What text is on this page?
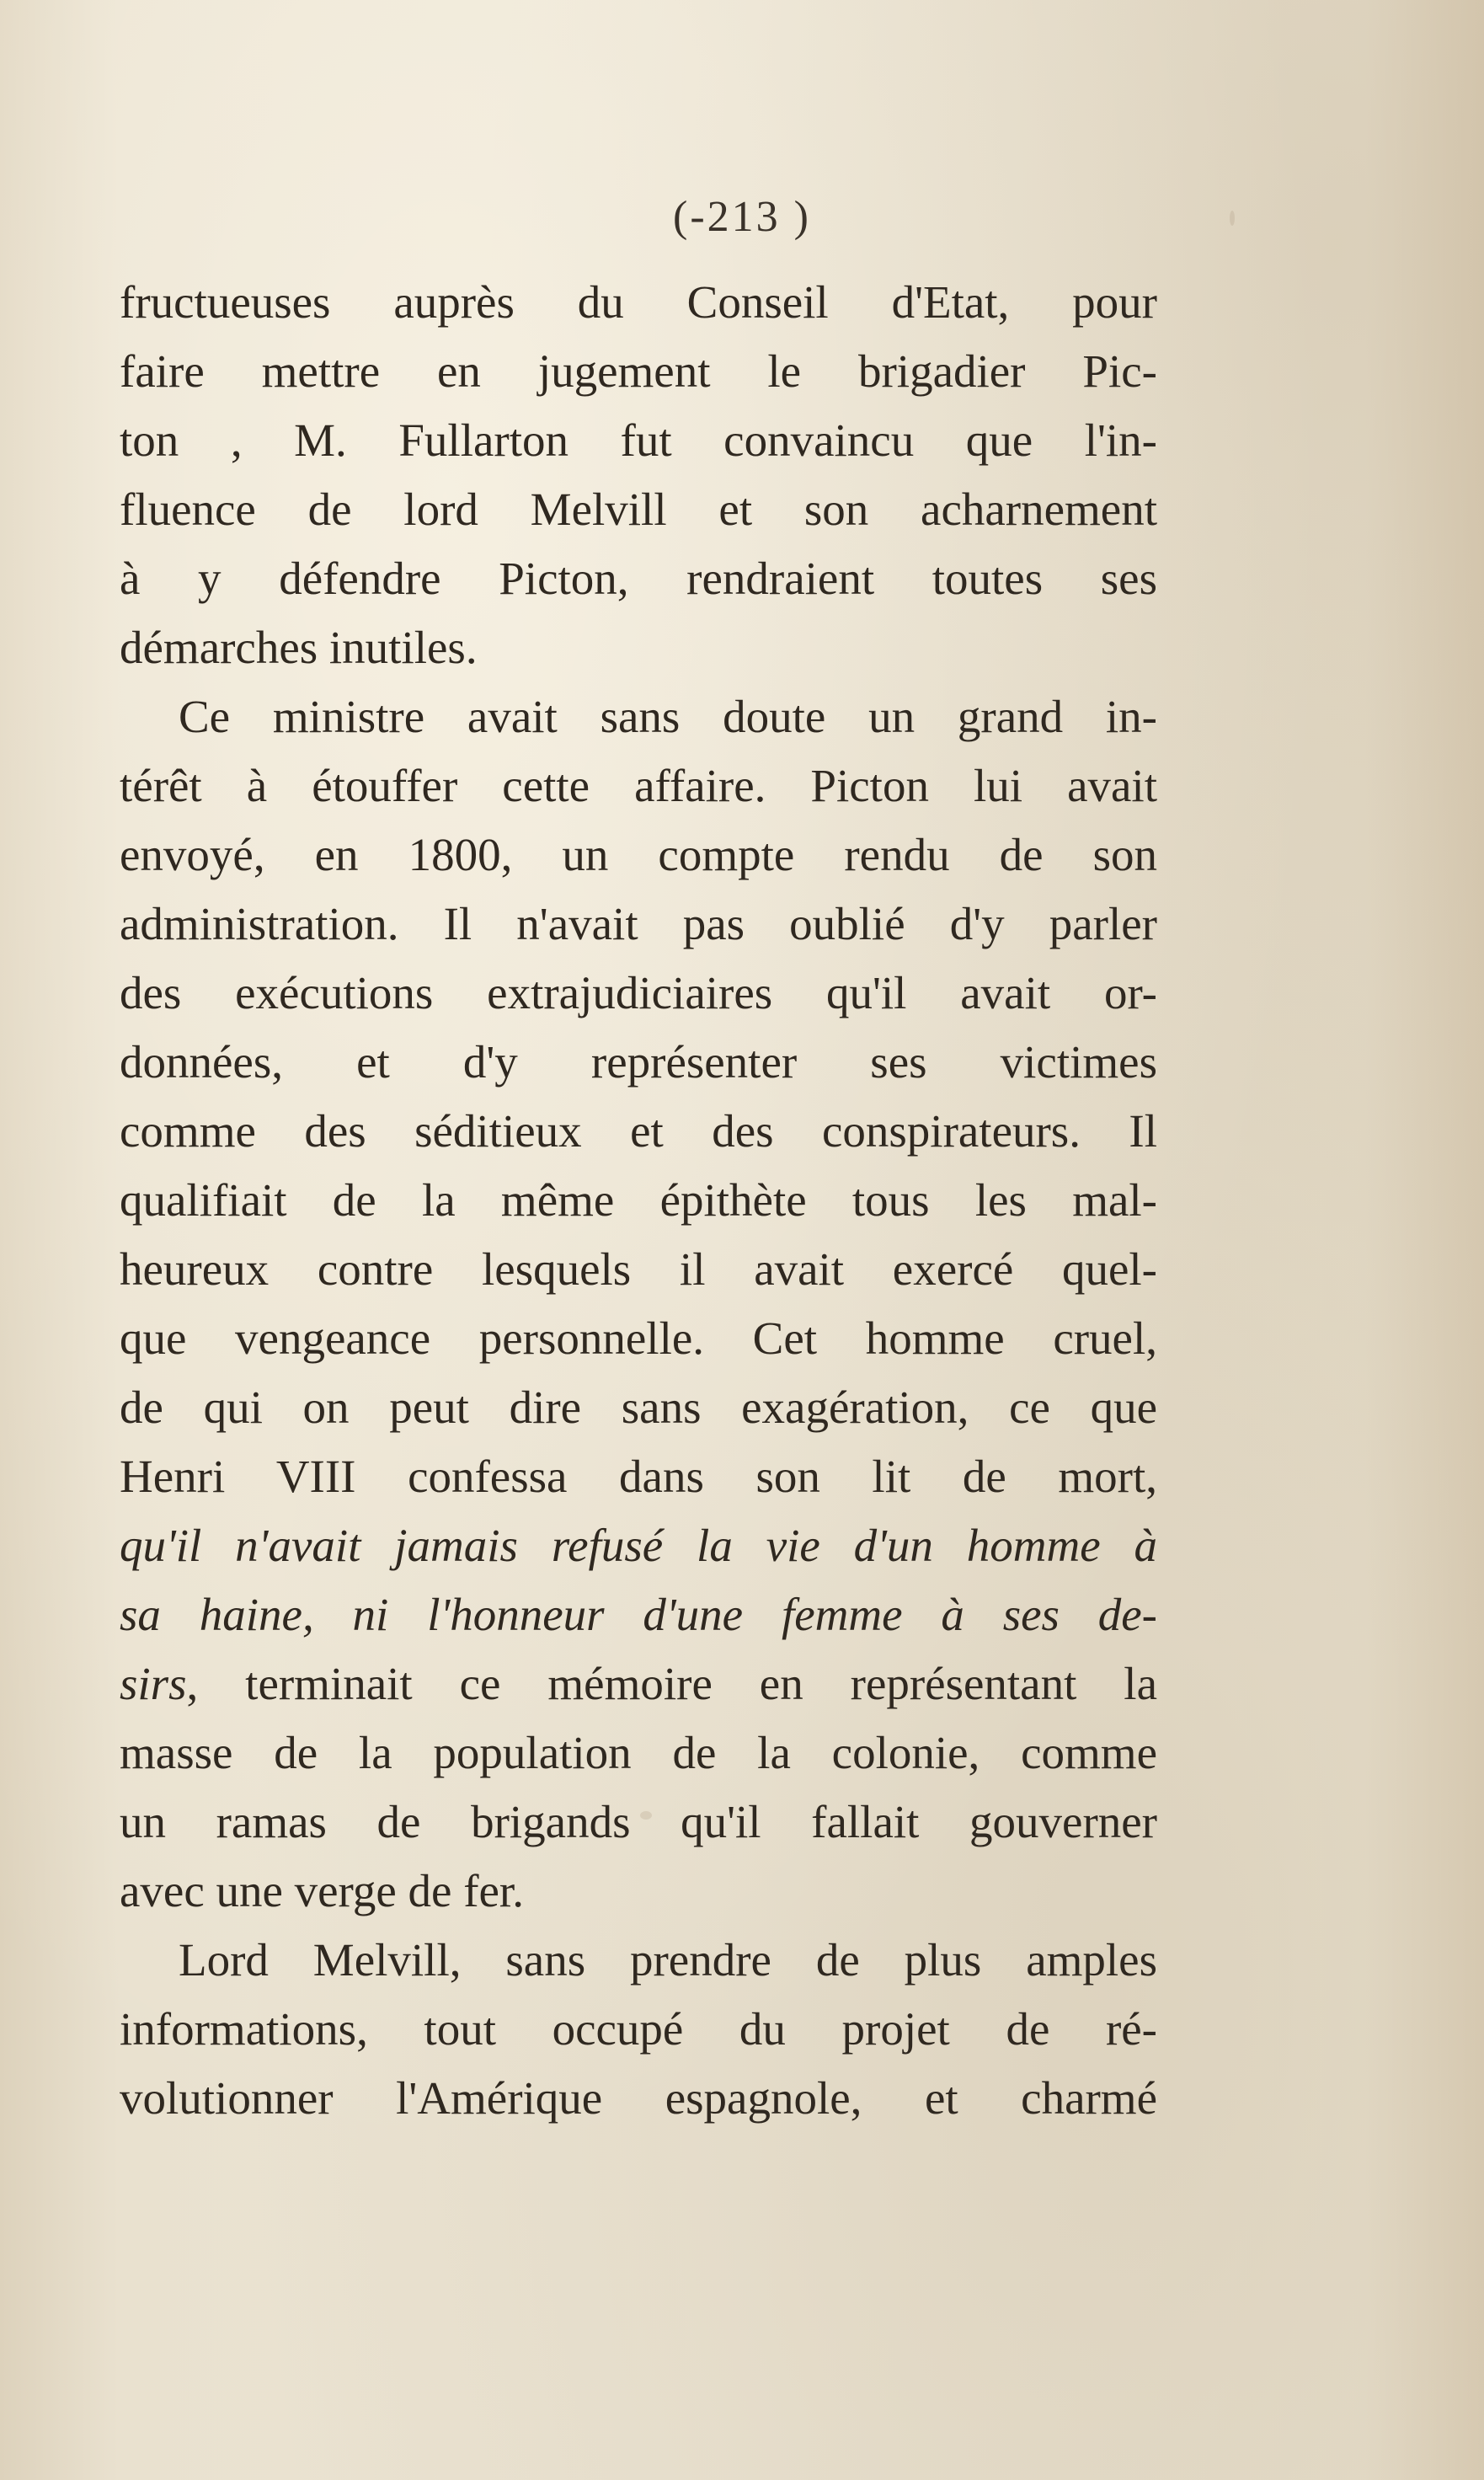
(-213 )
fructueuses auprès du Conseil d'Etat, pour
faire mettre en jugement le brigadier Pic-
ton , M. Fullarton fut convaincu que l'in-
fluence de lord Melvill et son acharnement
à y défendre Picton, rendraient toutes ses
démarches inutiles.
Ce ministre avait sans doute un grand in-
térêt à étouffer cette affaire. Picton lui avait
envoyé, en 1800, un compte rendu de son
administration. Il n'avait pas oublié d'y parler
des exécutions extrajudiciaires qu'il avait or-
données, et d'y représenter ses victimes
comme des séditieux et des conspirateurs. Il
qualifiait de la même épithète tous les mal-
heureux contre lesquels il avait exercé quel-
que vengeance personnelle. Cet homme cruel,
de qui on peut dire sans exagération, ce que
Henri VIII confessa dans son lit de mort,
qu'il n'avait jamais refusé la vie d'un homme à
sa haine, ni l'honneur d'une femme à ses de-
sirs, terminait ce mémoire en représentant la
masse de la population de la colonie, comme
un ramas de brigands qu'il fallait gouverner
avec une verge de fer.
Lord Melvill, sans prendre de plus amples
informations, tout occupé du projet de ré-
volutionner l'Amérique espagnole, et charmé
